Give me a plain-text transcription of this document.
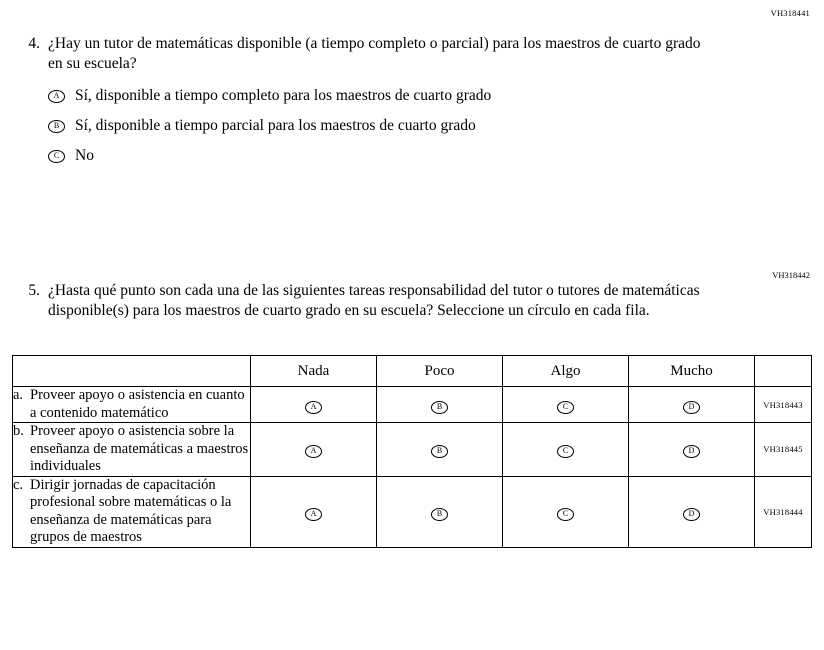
VH318441
4. ¿Hay un tutor de matemáticas disponible (a tiempo completo o parcial) para los maestros de cuarto grado en su escuela?
A	Sí, disponible a tiempo completo para los maestros de cuarto grado
B	Sí, disponible a tiempo parcial para los maestros de cuarto grado
C	No
VH318442
5. ¿Hasta qué punto son cada una de las siguientes tareas responsabilidad del tutor o tutores de matemáticas disponible(s) para los maestros de cuarto grado en su escuela? Seleccione un círculo en cada fila.
	Nada	Poco	Algo	Mucho	

a. Proveer apoyo o asistencia en cuanto a contenido matemático	A	B	C	D	VH318443

b. Proveer apoyo o asistencia sobre la enseñanza de matemáticas a maestros individuales	A	B	C	D	VH318445

c. Dirigir jornadas de capacitación profesional sobre matemáticas o la enseñanza de matemáticas para grupos de maestros	A	B	C	D	VH318444
